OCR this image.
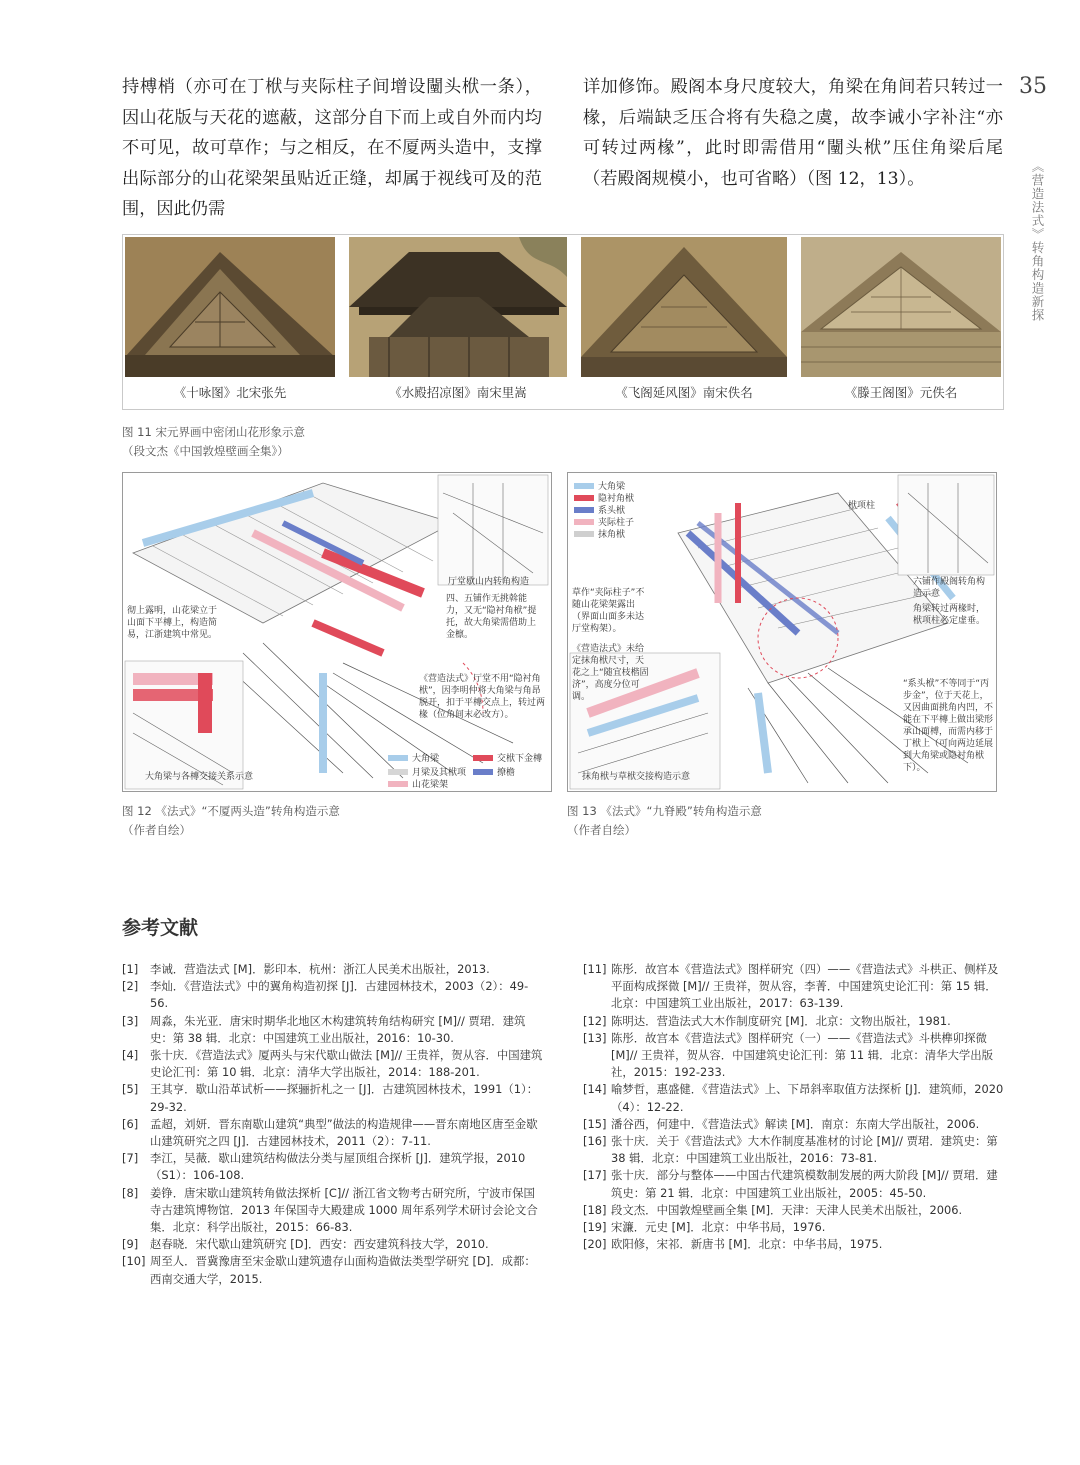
35
《营造法式》转角构造新探

持榑梢（亦可在丁栿与夹际柱子间增设闉头栿一条），因山花版与天花的遮蔽，这部分自下而上或自外而内均不可见，故可草作；与之相反，在不厦两头造中，支撑出际部分的山花梁架虽贴近正缝，却属于视线可及的范围，因此仍需

详加修饰。殿阁本身尺度较大，角梁在角间若只转过一椽，后端缺乏压合将有失稳之虞，故李诫小字补注“亦可转过两椽”，此时即需借用“闉头栿”压住角梁后尾（若殿阁规模小，也可省略）（图 12，13）。

《十咏图》北宋张先	《水殿招凉图》南宋里嵩	《飞阁延风图》南宋佚名	《滕王阁图》元佚名
图 11 宋元界画中密闭山花形象示意
（段文杰《中国敦煌壁画全集》）
厅堂歇山内转角构造
四、五铺作无挑斡能力，又无“隐衬角栿”提托，故大角梁需借助上金檩。
彻上露明，山花梁立于山面下平槫上，构造简易，江浙建筑中常见。
《营造法式》厅堂不用“隐衬角栿”，因李明仲将大角梁与角昂脱开，扣于平槫交点上，转过两椽（位角间末必改方）。
大角梁与各槫交接关系示意
大角梁	交栿下金槫
月梁及其栿项	撩檐
山花梁架
图 12 《法式》“不厦两头造”转角构造示意
（作者自绘）
大角梁
隐衬角栿
系头栿
夹际柱子
抹角栿
栿项柱
草作“夹际柱子”不随山花梁架露出（界面山面多未达厅堂构架）。
《营造法式》未给定抹角栿尺寸，天花之上“随宜枝楷固济”，高度分位可调。
六铺作殿阁转角构造示意
角梁转过两椽时，栿项柱必定虚垂。
“系头栿”不等同于“丙步金”，位于天花上，又因曲面挑角内凹，不能在下平槫上做出梁形承山面榑，而需内移于丁栿上（可向两边延展到大角梁或隐衬角栿下）。
抹角栿与草栿交接构造示意
图 13 《法式》“九脊殿”转角构造示意
（作者自绘）
参考文献
[1]	李诫．营造法式 [M]．影印本．杭州：浙江人民美术出版社，2013.
[2]	李灿．《营造法式》中的翼角构造初探 [J]．古建园林技术，2003（2）：49-56.
[3]	周淼，朱光亚．唐宋时期华北地区木构建筑转角结构研究 [M]// 贾珺．建筑史：第 38 辑．北京：中国建筑工业出版社，2016：10-30.
[4]	张十庆．《营造法式》厦两头与宋代歇山做法 [M]// 王贵祥，贺从容．中国建筑史论汇刊：第 10 辑．北京：清华大学出版社，2014：188-201.
[5]	王其亨．歇山沿革试析——探骊折札之一 [J]．古建筑园林技术，1991（1）：29-32.
[6]	孟超，刘妍．晋东南歇山建筑“典型”做法的构造规律——晋东南地区唐至金歇山建筑研究之四 [J]．古建园林技术，2011（2）：7-11.
[7]	李江，吴薇．歇山建筑结构做法分类与屋顶组合探析 [J]．建筑学报，2010（S1）：106-108.
[8]	姜铮．唐宋歇山建筑转角做法探析 [C]// 浙江省文物考古研究所，宁波市保国寺古建筑博物馆．2013 年保国寺大殿建成 1000 周年系列学术研讨会论文合集．北京：科学出版社，2015：66-83.
[9]	赵春晓．宋代歇山建筑研究 [D]．西安：西安建筑科技大学，2010.
[10] 周至人．晋冀豫唐至宋金歇山建筑遗存山面构造做法类型学研究 [D]．成都：西南交通大学，2015.
[11] 陈彤．故宫本《营造法式》图样研究（四）——《营造法式》斗栱正、侧样及平面构成探微 [M]// 王贵祥，贺从容，李菁．中国建筑史论汇刊：第 15 辑．北京：中国建筑工业出版社，2017：63-139.
[12] 陈明达．营造法式大木作制度研究 [M]．北京：文物出版社，1981.
[13] 陈彤．故宫本《营造法式》图样研究（一）——《营造法式》斗栱榫卯探微 [M]// 王贵祥，贺从容．中国建筑史论汇刊：第 11 辑．北京：清华大学出版社，2015：192-233.
[14] 喻梦哲，惠盛健．《营造法式》上、下昂斜率取值方法探析 [J]．建筑师，2020（4）：12-22.
[15] 潘谷西，何建中．《营造法式》解读 [M]．南京：东南大学出版社，2006.
[16] 张十庆．关于《营造法式》大木作制度基准材的讨论 [M]// 贾珺．建筑史：第 38 辑．北京：中国建筑工业出版社，2016：73-81.
[17] 张十庆．部分与整体——中国古代建筑模数制发展的两大阶段 [M]// 贾珺．建筑史：第 21 辑．北京：中国建筑工业出版社，2005：45-50.
[18] 段文杰．中国敦煌壁画全集 [M]．天津：天津人民美术出版社，2006.
[19] 宋濂．元史 [M]．北京：中华书局，1976.
[20] 欧阳修，宋祁．新唐书 [M]．北京：中华书局，1975.
